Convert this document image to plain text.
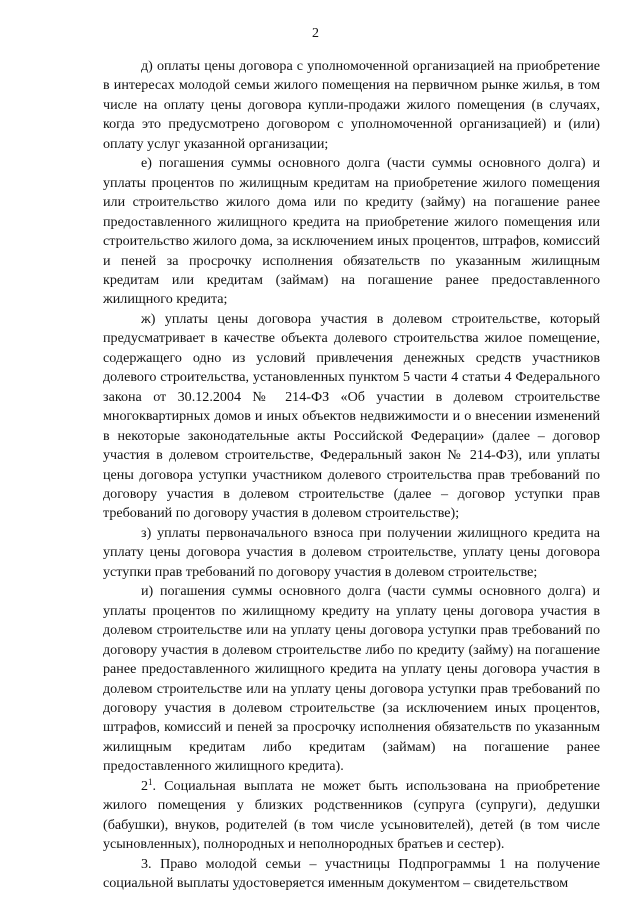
2

д) оплаты цены договора с уполномоченной организацией на приобретение в интересах молодой семьи жилого помещения на первичном рынке жилья, в том числе на оплату цены договора купли-продажи жилого помещения (в случаях, когда это предусмотрено договором с уполномоченной организацией) и (или) оплату услуг указанной организации;

е) погашения суммы основного долга (части суммы основного долга) и уплаты процентов по жилищным кредитам на приобретение жилого помещения или строительство жилого дома или по кредиту (займу) на погашение ранее предоставленного жилищного кредита на приобретение жилого помещения или строительство жилого дома, за исключением иных процентов, штрафов, комиссий и пеней за просрочку исполнения обязательств по указанным жилищным кредитам или кредитам (займам) на погашение ранее предоставленного жилищного кредита;

ж) уплаты цены договора участия в долевом строительстве, который предусматривает в качестве объекта долевого строительства жилое помещение, содержащего одно из условий привлечения денежных средств участников долевого строительства, установленных пунктом 5 части 4 статьи 4 Федерального закона от 30.12.2004 № 214-ФЗ «Об участии в долевом строительстве многоквартирных домов и иных объектов недвижимости и о внесении изменений в некоторые законодательные акты Российской Федерации» (далее – договор участия в долевом строительстве, Федеральный закон № 214-ФЗ), или уплаты цены договора уступки участником долевого строительства прав требований по договору участия в долевом строительстве (далее – договор уступки прав требований по договору участия в долевом строительстве);

з) уплаты первоначального взноса при получении жилищного кредита на уплату цены договора участия в долевом строительстве, уплату цены договора уступки прав требований по договору участия в долевом строительстве;

и) погашения суммы основного долга (части суммы основного долга) и уплаты процентов по жилищному кредиту на уплату цены договора участия в долевом строительстве или на уплату цены договора уступки прав требований по договору участия в долевом строительстве либо по кредиту (займу) на погашение ранее предоставленного жилищного кредита на уплату цены договора участия в долевом строительстве или на уплату цены договора уступки прав требований по договору участия в долевом строительстве (за исключением иных процентов, штрафов, комиссий и пеней за просрочку исполнения обязательств по указанным жилищным кредитам либо кредитам (займам) на погашение ранее предоставленного жилищного кредита).

$2^1$. Социальная выплата не может быть использована на приобретение жилого помещения у близких родственников (супруга (супруги), дедушки (бабушки), внуков, родителей (в том числе усыновителей), детей (в том числе усыновленных), полнородных и неполнородных братьев и сестер).

3. Право молодой семьи – участницы Подпрограммы 1 на получение социальной выплаты удостоверяется именным документом – свидетельством
